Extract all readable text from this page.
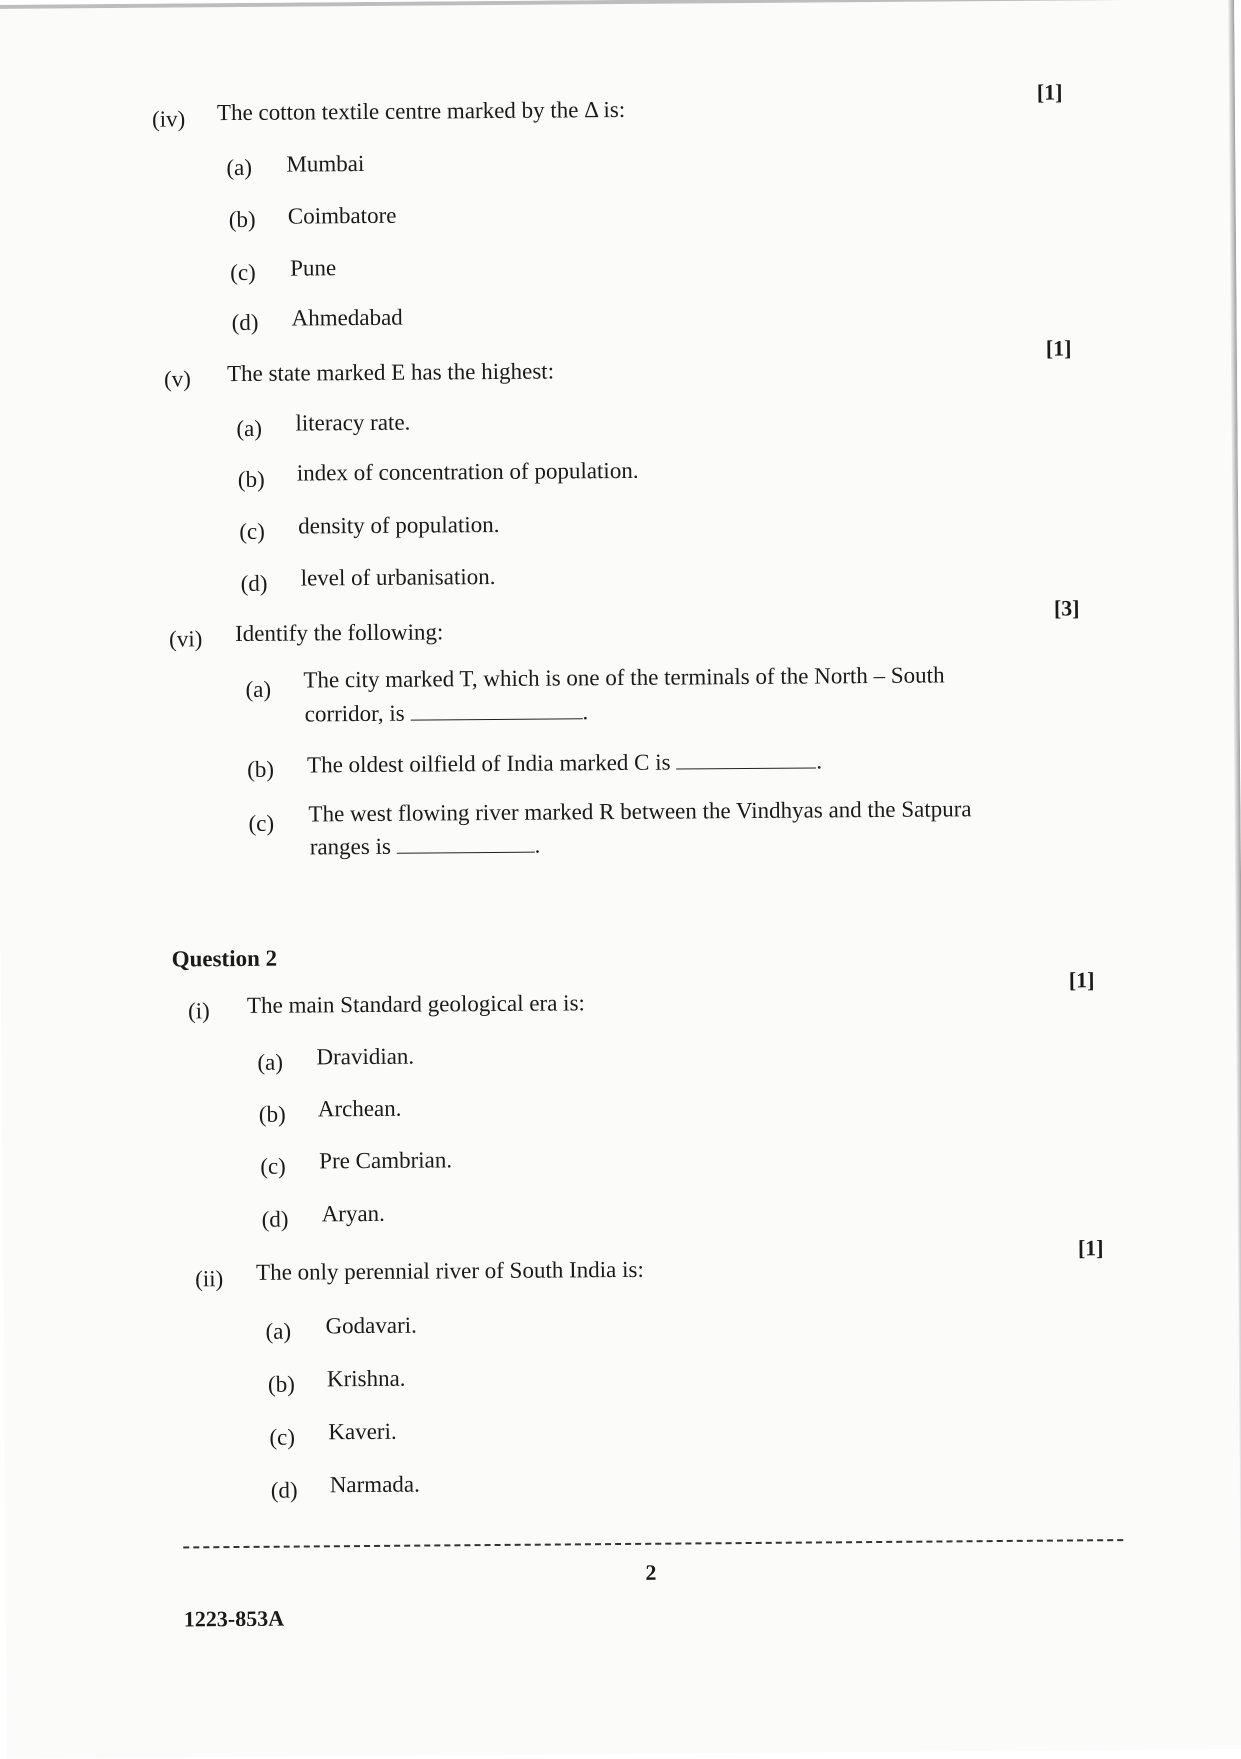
(iv) The cotton textile centre marked by the Δ is:
[1]
(a) Mumbai
(b) Coimbatore
(c) Pune
(d) Ahmedabad
(v) The state marked E has the highest:
[1]
(a) literacy rate.
(b) index of concentration of population.
(c) density of population.
(d) level of urbanisation.
(vi) Identify the following:
[3]
(a) The city marked T, which is one of the terminals of the North – South
corridor, is	.
(b) The oldest oilfield of India marked C is	.
(c) The west flowing river marked R between the Vindhyas and the Satpura
ranges is	.
Question 2
(i) The main Standard geological era is:
[1]
(a) Dravidian.
(b) Archean.
(c) Pre Cambrian.
(d) Aryan.
(ii) The only perennial river of South India is:
[1]
(a) Godavari.
(b) Krishna.
(c) Kaveri.
(d) Narmada.
2
1223-853A
